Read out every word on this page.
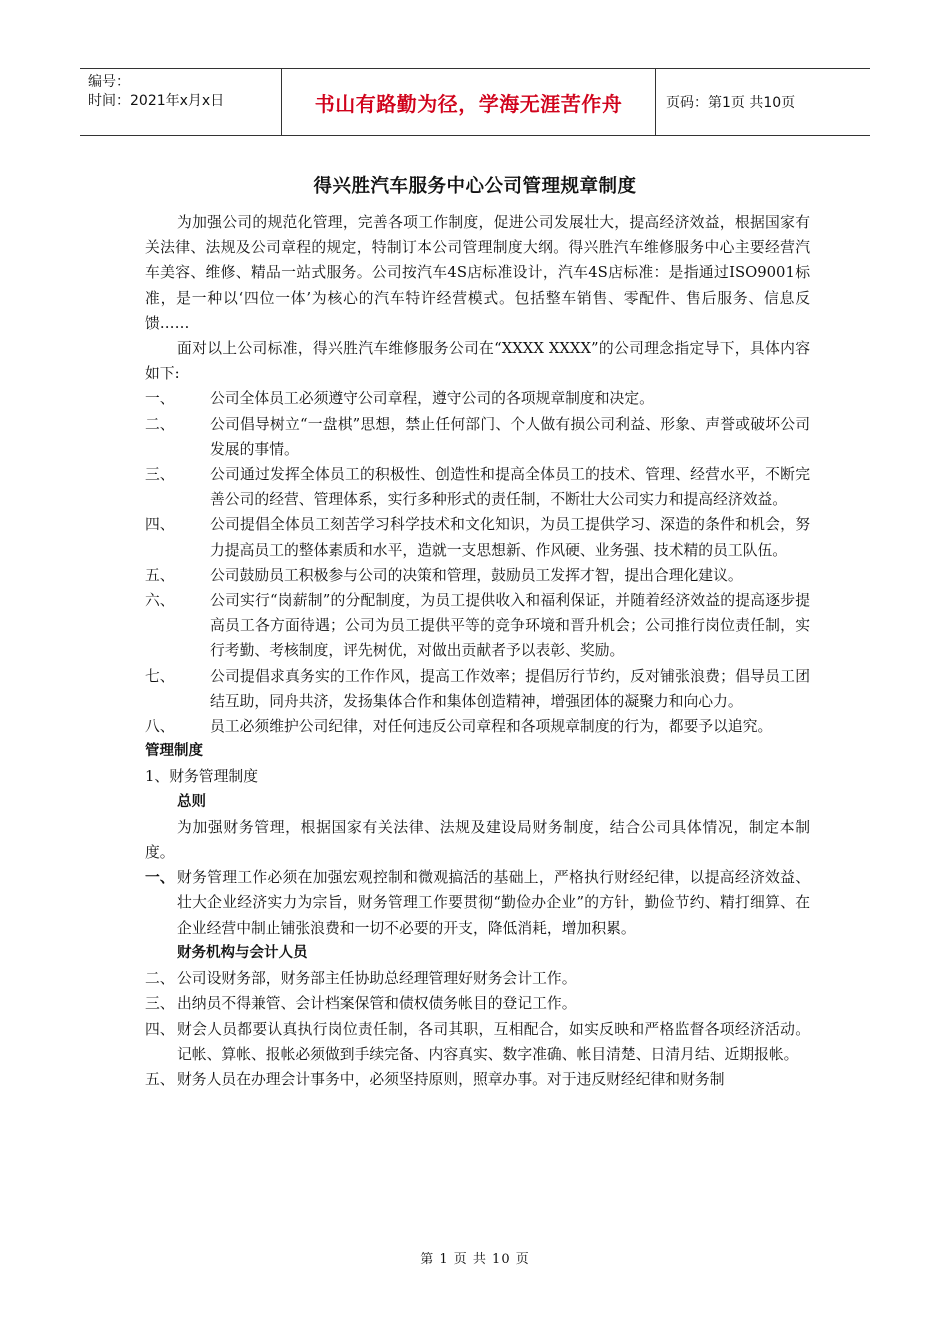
编号：
时间：2021年x月x日	书山有路勤为径，学海无涯苦作舟	页码：第1页 共10页
得兴胜汽车服务中心公司管理规章制度

为加强公司的规范化管理，完善各项工作制度，促进公司发展壮大，提高经济效益，根据国家有关法律、法规及公司章程的规定，特制订本公司管理制度大纲。得兴胜汽车维修服务中心主要经营汽车美容、维修、精品一站式服务。公司按汽车4S店标准设计，汽车4S店标准：是指通过ISO9001标准，是一种以‘四位一体’为核心的汽车特许经营模式。包括整车销售、零配件、售后服务、信息反馈……

面对以上公司标准，得兴胜汽车维修服务公司在“XXXX XXXX”的公司理念指定导下，具体内容如下:

一、	公司全体员工必须遵守公司章程，遵守公司的各项规章制度和决定。
二、	公司倡导树立“一盘棋”思想，禁止任何部门、个人做有损公司利益、形象、声誉或破坏公司发展的事情。
三、	公司通过发挥全体员工的积极性、创造性和提高全体员工的技术、管理、经营水平，不断完善公司的经营、管理体系，实行多种形式的责任制，不断壮大公司实力和提高经济效益。
四、	公司提倡全体员工刻苦学习科学技术和文化知识，为员工提供学习、深造的条件和机会，努力提高员工的整体素质和水平，造就一支思想新、作风硬、业务强、技术精的员工队伍。
五、	公司鼓励员工积极参与公司的决策和管理，鼓励员工发挥才智，提出合理化建议。
六、	公司实行“岗薪制”的分配制度，为员工提供收入和福利保证，并随着经济效益的提高逐步提高员工各方面待遇；公司为员工提供平等的竞争环境和晋升机会；公司推行岗位责任制，实行考勤、考核制度，评先树优，对做出贡献者予以表彰、奖励。
七、	公司提倡求真务实的工作作风，提高工作效率；提倡厉行节约，反对铺张浪费；倡导员工团结互助，同舟共济，发扬集体合作和集体创造精神，增强团体的凝聚力和向心力。
八、	员工必须维护公司纪律，对任何违反公司章程和各项规章制度的行为，都要予以追究。

管理制度

1、财务管理制度

总则

为加强财务管理，根据国家有关法律、法规及建设局财务制度，结合公司具体情况，制定本制度。

一、 财务管理工作必须在加强宏观控制和微观搞活的基础上，严格执行财经纪律，以提高经济效益、壮大企业经济实力为宗旨，财务管理工作要贯彻“勤俭办企业”的方针，勤俭节约、精打细算、在企业经营中制止铺张浪费和一切不必要的开支，降低消耗，增加积累。

财务机构与会计人员

二、 公司设财务部，财务部主任协助总经理管理好财务会计工作。
三、 出纳员不得兼管、会计档案保管和债权债务帐目的登记工作。
四、 财会人员都要认真执行岗位责任制，各司其职，互相配合，如实反映和严格监督各项经济活动。记帐、算帐、报帐必须做到手续完备、内容真实、数字准确、帐目清楚、日清月结、近期报帐。
五、 财务人员在办理会计事务中，必须坚持原则，照章办事。对于违反财经纪律和财务制
第 1 页 共 10 页
